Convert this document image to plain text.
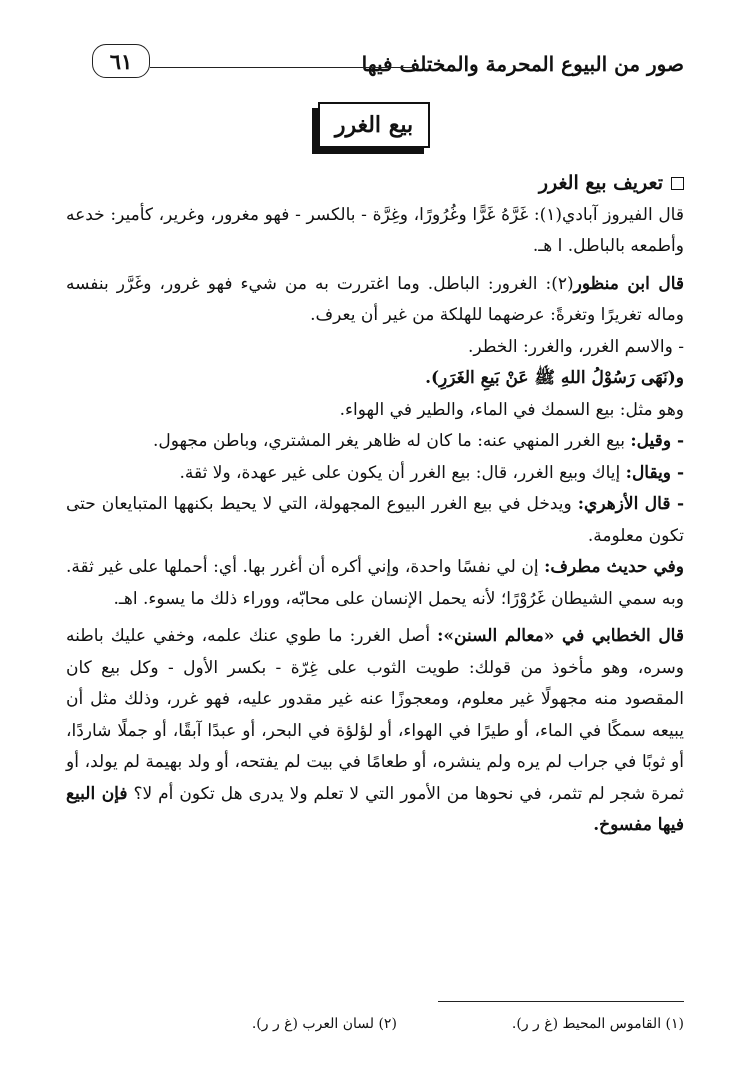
صور من البيوع المحرمة والمختلف فيها
٦١
بيع الغرر
تعريف بيع الغرر

قال الفيروز آبادي(١): غَرَّهُ غَرًّا وغُرُورًا، وغِرَّة - بالكسر - فهو مغرور، وغرير، كأمير: خدعه وأطمعه بالباطل. ا هـ.

قال ابن منظور(٢): الغرور: الباطل. وما اغتررت به من شيء فهو غرور، وغَرَّر بنفسه وماله تغريرًا وتغرةً: عرضهما للهلكة من غير أن يعرف.

- والاسم الغرر، والغرر: الخطر.

و(نَهَى رَسُوْلُ اللهِ ﷺ عَنْ بَيعِ الغَرَرِ).

وهو مثل: بيع السمك في الماء، والطير في الهواء.

- وقيل: بيع الغرر المنهي عنه: ما كان له ظاهر يغر المشتري، وباطن مجهول.

- ويقال: إياك وبيع الغرر، قال: بيع الغرر أن يكون على غير عهدة، ولا ثقة.

- قال الأزهري: ويدخل في بيع الغرر البيوع المجهولة، التي لا يحيط بكنهها المتبايعان حتى تكون معلومة.

وفي حديث مطرف: إن لي نفسًا واحدة، وإني أكره أن أغرر بها. أي: أحملها على غير ثقة. وبه سمي الشيطان غَرُوْرًا؛ لأنه يحمل الإنسان على محابّه، ووراء ذلك ما يسوء. اهـ.

قال الخطابي في «معالم السنن»: أصل الغرر: ما طوي عنك علمه، وخفي عليك باطنه وسره، وهو مأخوذ من قولك: طويت الثوب على غِرّة - بكسر الأول - وكل بيع كان المقصود منه مجهولًا غير معلوم، ومعجوزًا عنه غير مقدور عليه، فهو غرر، وذلك مثل أن يبيعه سمكًا في الماء، أو طيرًا في الهواء، أو لؤلؤة في البحر، أو عبدًا آبقًا، أو جملًا شاردًا، أو ثوبًا في جراب لم يره ولم ينشره، أو طعامًا في بيت لم يفتحه، أو ولد بهيمة لم يولد، أو ثمرة شجر لم تثمر، في نحوها من الأمور التي لا تعلم ولا يدرى هل تكون أم لا؟ فإن البيع فيها مفسوخ.

(١) القاموس المحيط (غ ر ر).
(٢) لسان العرب (غ ر ر).
